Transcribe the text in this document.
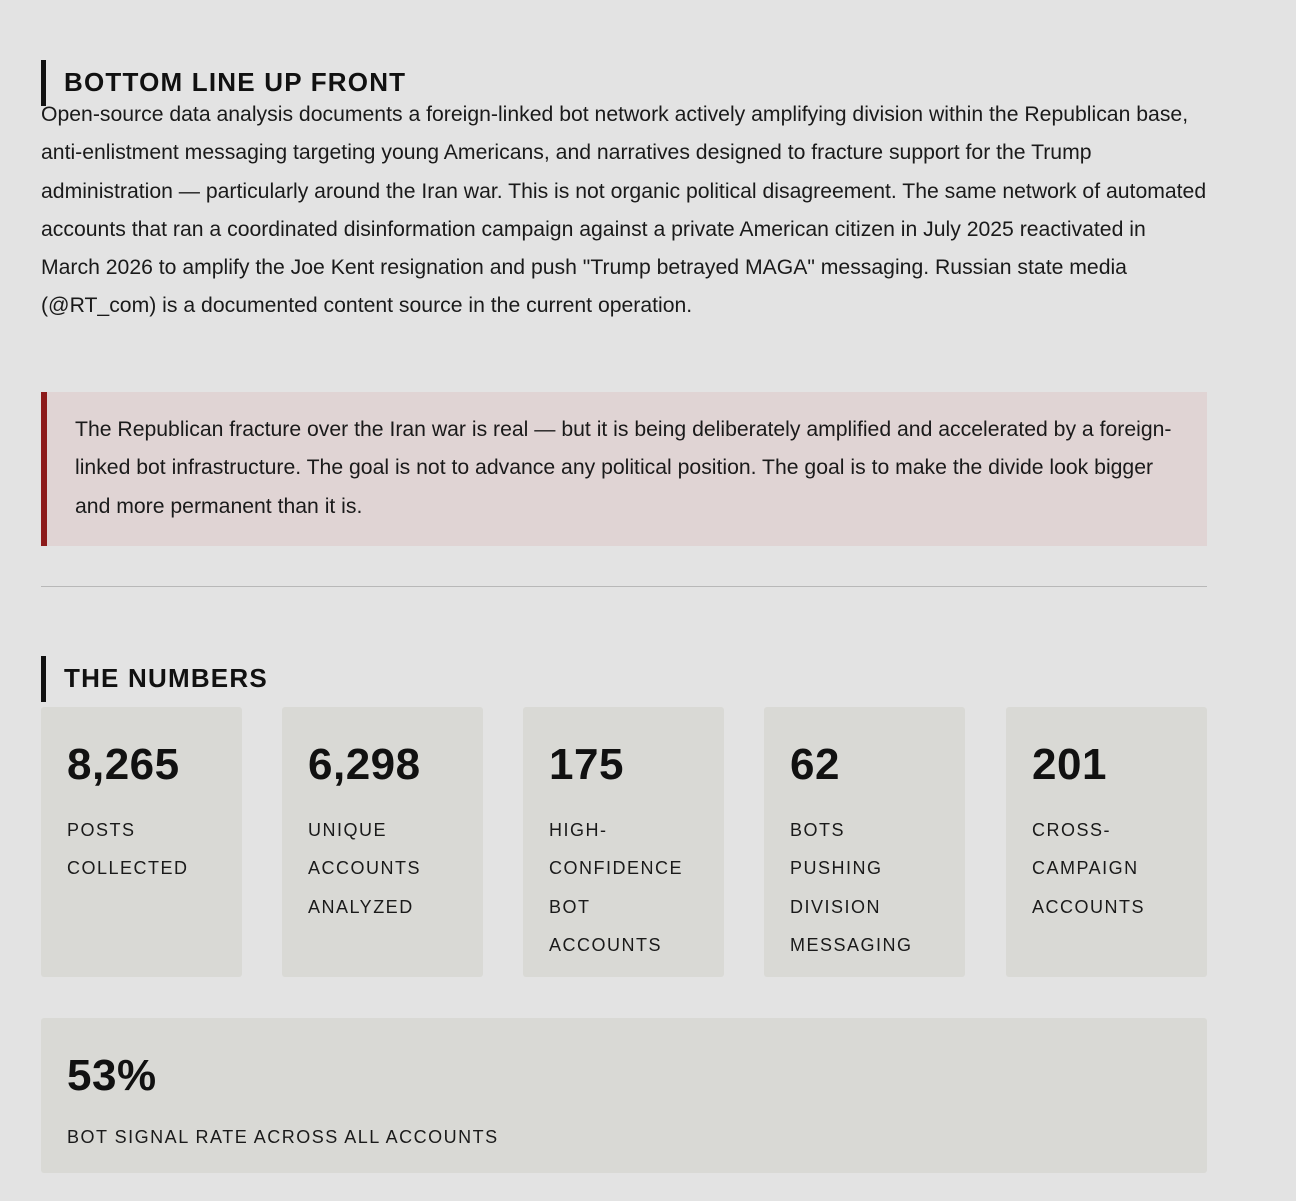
BOTTOM LINE UP FRONT

Open-source data analysis documents a foreign-linked bot network actively amplifying division within the Republican base, anti-enlistment messaging targeting young Americans, and narratives designed to fracture support for the Trump administration — particularly around the Iran war. This is not organic political disagreement. The same network of automated accounts that ran a coordinated disinformation campaign against a private American citizen in July 2025 reactivated in March 2026 to amplify the Joe Kent resignation and push "Trump betrayed MAGA" messaging. Russian state media (@RT_com) is a documented content source in the current operation.

The Republican fracture over the Iran war is real — but it is being deliberately amplified and accelerated by a foreign-linked bot infrastructure. The goal is not to advance any political position. The goal is to make the divide look bigger and more permanent than it is.
THE NUMBERS
8,265
POSTS COLLECTED
6,298
UNIQUE ACCOUNTS ANALYZED
175
HIGH-CONFIDENCE BOT ACCOUNTS
62
BOTS PUSHING DIVISION MESSAGING
201
CROSS-CAMPAIGN ACCOUNTS
53%
BOT SIGNAL RATE ACROSS ALL ACCOUNTS
